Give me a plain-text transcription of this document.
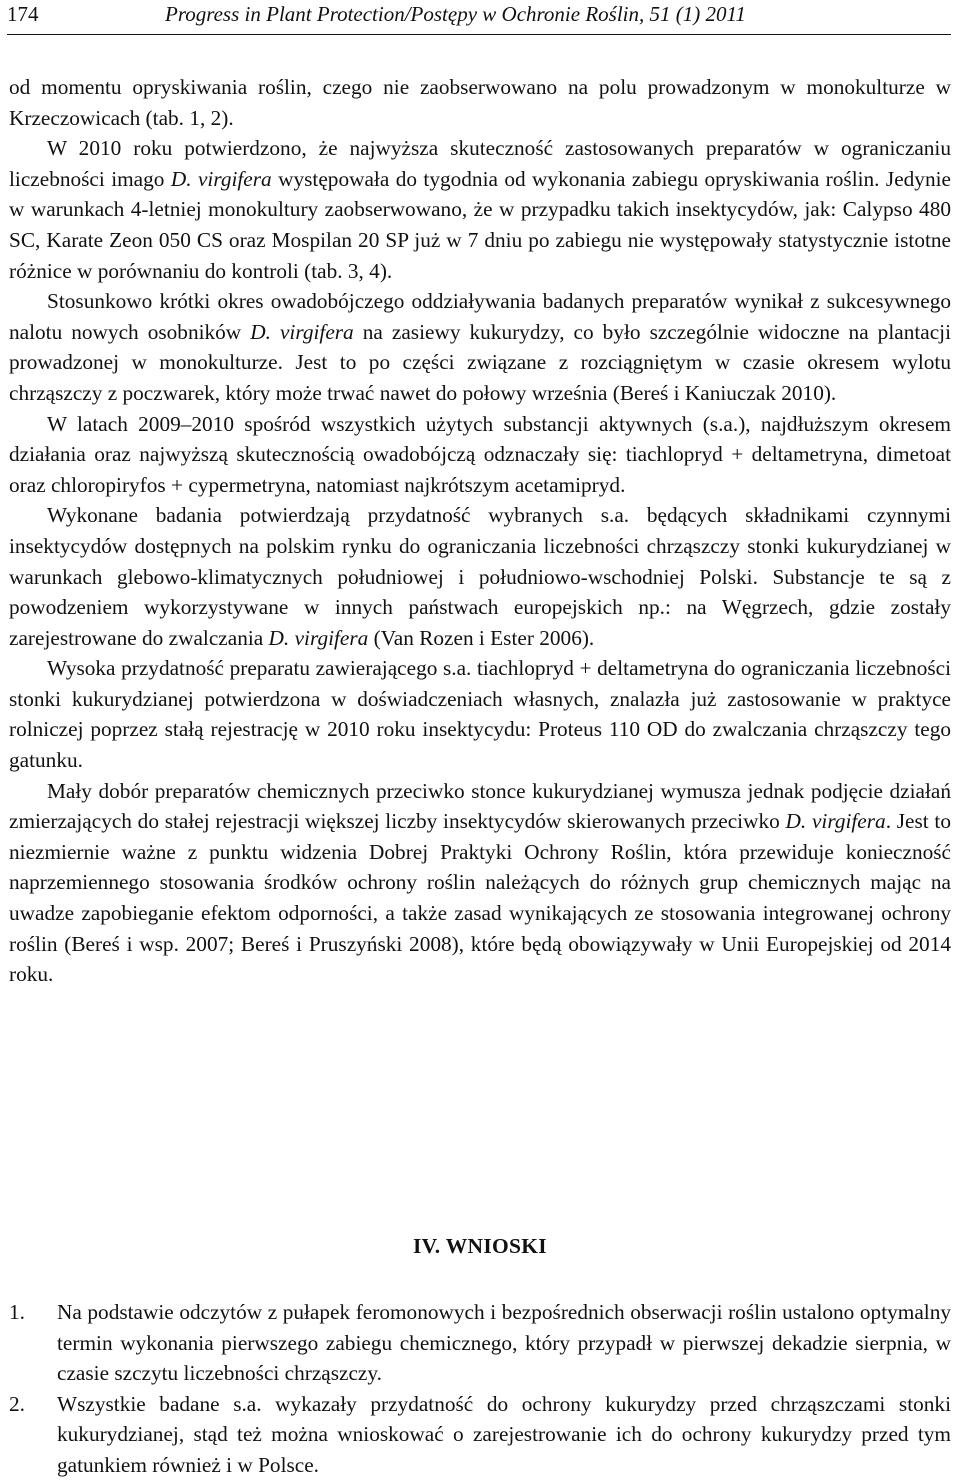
174	Progress in Plant Protection/Postępy w Ochronie Roślin, 51 (1) 2011

od momentu opryskiwania roślin, czego nie zaobserwowano na polu prowadzonym w monokulturze w Krzeczowicach (tab. 1, 2).

W 2010 roku potwierdzono, że najwyższa skuteczność zastosowanych preparatów w ograniczaniu liczebności imago D. virgifera występowała do tygodnia od wykonania zabiegu opryskiwania roślin. Jedynie w warunkach 4-letniej monokultury zaobserwowano, że w przypadku takich insektycydów, jak: Calypso 480 SC, Karate Zeon 050 CS oraz Mospilan 20 SP już w 7 dniu po zabiegu nie występowały statystycznie istotne różnice w porównaniu do kontroli (tab. 3, 4).

Stosunkowo krótki okres owadobójczego oddziaływania badanych preparatów wynikał z sukcesywnego nalotu nowych osobników D. virgifera na zasiewy kukurydzy, co było szczególnie widoczne na plantacji prowadzonej w monokulturze. Jest to po części związane z rozciągniętym w czasie okresem wylotu chrząszczy z poczwarek, który może trwać nawet do połowy września (Bereś i Kaniuczak 2010).

W latach 2009–2010 spośród wszystkich użytych substancji aktywnych (s.a.), najdłuższym okresem działania oraz najwyższą skutecznością owadobójczą odznaczały się: tiachlopryd + deltametryna, dimetoat oraz chloropiryfos + cypermetryna, natomiast najkrótszym acetamipryd.

Wykonane badania potwierdzają przydatność wybranych s.a. będących składnikami czynnymi insektycydów dostępnych na polskim rynku do ograniczania liczebności chrząszczy stonki kukurydzianej w warunkach glebowo-klimatycznych południowej i południowo-wschodniej Polski. Substancje te są z powodzeniem wykorzystywane w innych państwach europejskich np.: na Węgrzech, gdzie zostały zarejestrowane do zwalczania D. virgifera (Van Rozen i Ester 2006).

Wysoka przydatność preparatu zawierającego s.a. tiachlopryd + deltametryna do ograniczania liczebności stonki kukurydzianej potwierdzona w doświadczeniach własnych, znalazła już zastosowanie w praktyce rolniczej poprzez stałą rejestrację w 2010 roku insektycydu: Proteus 110 OD do zwalczania chrząszczy tego gatunku.

Mały dobór preparatów chemicznych przeciwko stonce kukurydzianej wymusza jednak podjęcie działań zmierzających do stałej rejestracji większej liczby insektycydów skierowanych przeciwko D. virgifera. Jest to niezmiernie ważne z punktu widzenia Dobrej Praktyki Ochrony Roślin, która przewiduje konieczność naprzemiennego stosowania środków ochrony roślin należących do różnych grup chemicznych mając na uwadze zapobieganie efektom odporności, a także zasad wynikających ze stosowania integrowanej ochrony roślin (Bereś i wsp. 2007; Bereś i Pruszyński 2008), które będą obowiązywały w Unii Europejskiej od 2014 roku.

IV. WNIOSKI

1. Na podstawie odczytów z pułapek feromonowych i bezpośrednich obserwacji roślin ustalono optymalny termin wykonania pierwszego zabiegu chemicznego, który przypadł w pierwszej dekadzie sierpnia, w czasie szczytu liczebności chrząszczy.

2. Wszystkie badane s.a. wykazały przydatność do ochrony kukurydzy przed chrząszczami stonki kukurydzianej, stąd też można wnioskować o zarejestrowanie ich do ochrony kukurydzy przed tym gatunkiem również i w Polsce.
